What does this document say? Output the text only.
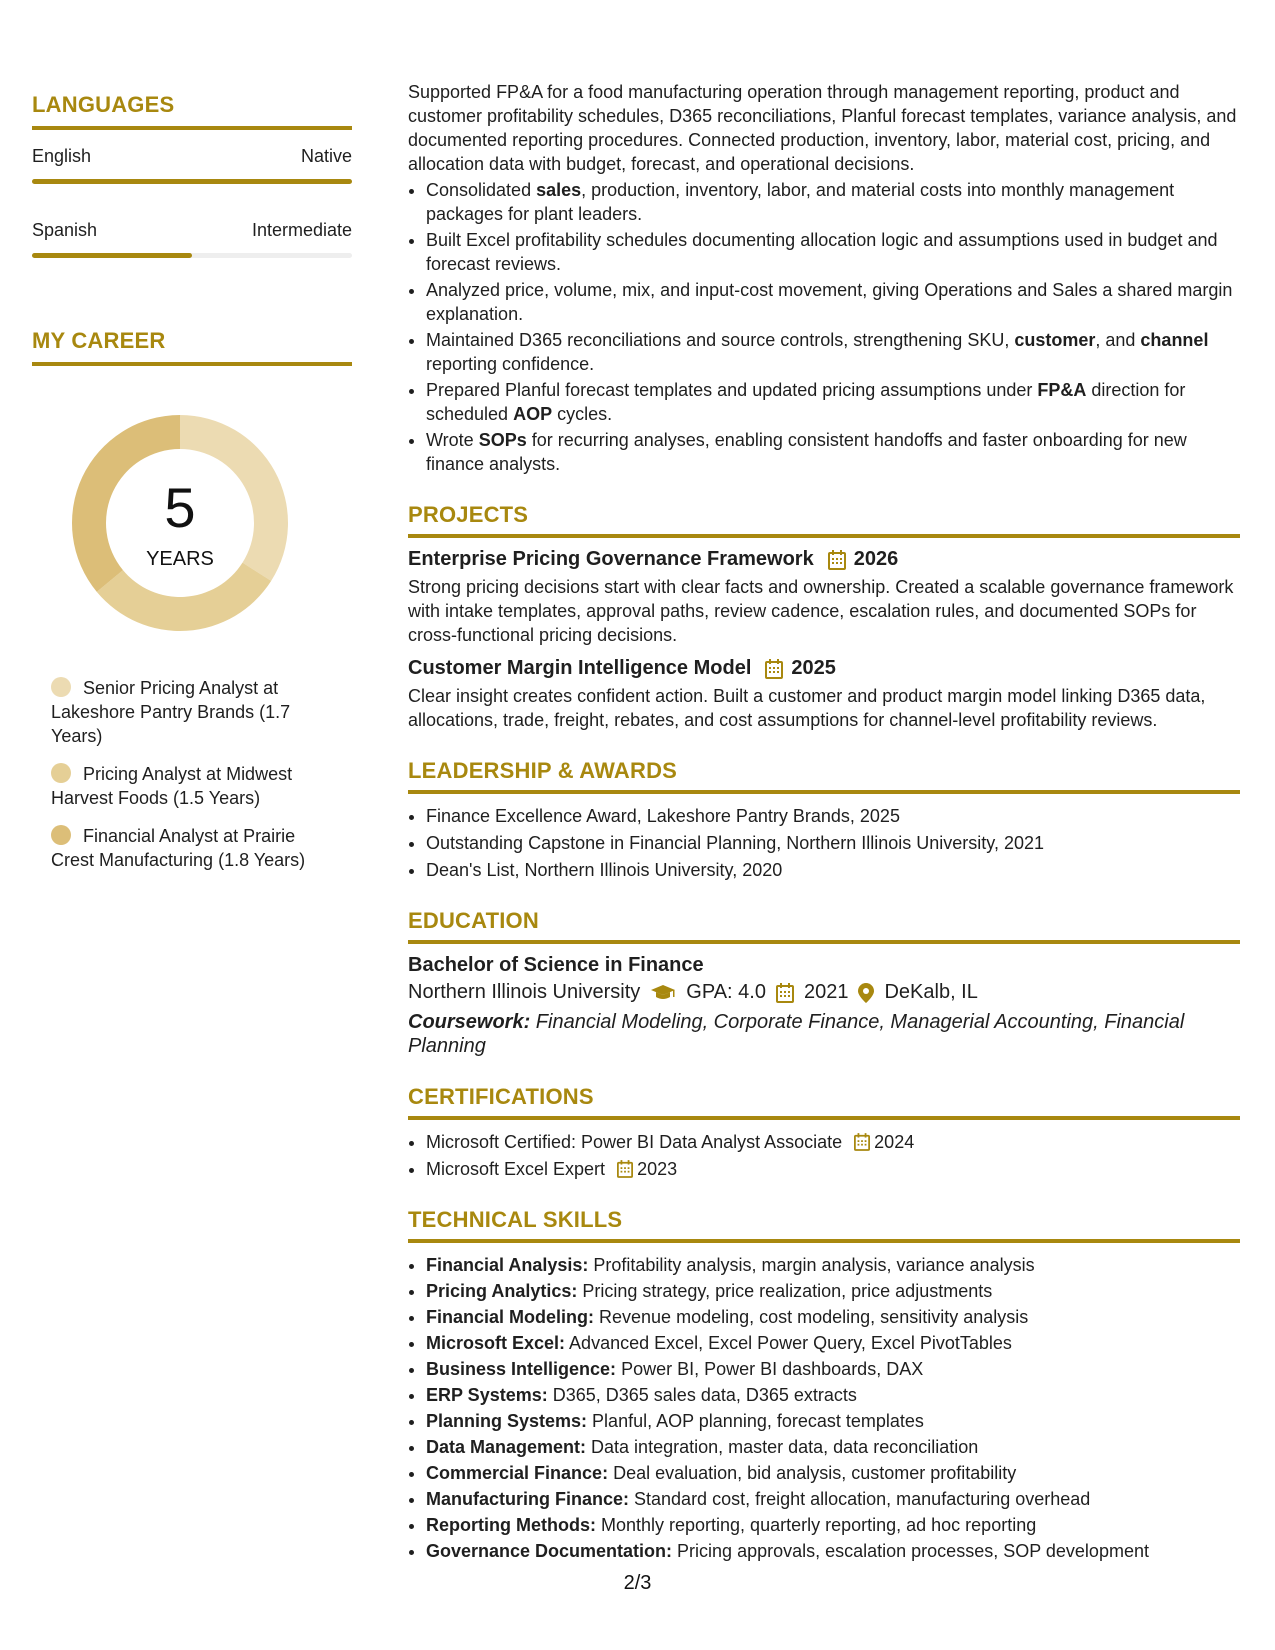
LANGUAGES
English	Native
Spanish	Intermediate
MY CAREER
5
YEARS
Senior Pricing Analyst at Lakeshore Pantry Brands (1.7 Years)
Pricing Analyst at Midwest Harvest Foods (1.5 Years)
Financial Analyst at Prairie Crest Manufacturing (1.8 Years)

Supported FP&A for a food manufacturing operation through management reporting, product and customer profitability schedules, D365 reconciliations, Planful forecast templates, variance analysis, and documented reporting procedures. Connected production, inventory, labor, material cost, pricing, and allocation data with budget, forecast, and operational decisions.

• Consolidated sales, production, inventory, labor, and material costs into monthly management packages for plant leaders.
• Built Excel profitability schedules documenting allocation logic and assumptions used in budget and forecast reviews.
• Analyzed price, volume, mix, and input-cost movement, giving Operations and Sales a shared margin explanation.
• Maintained D365 reconciliations and source controls, strengthening SKU, customer, and channel reporting confidence.
• Prepared Planful forecast templates and updated pricing assumptions under FP&A direction for scheduled AOP cycles.
• Wrote SOPs for recurring analyses, enabling consistent handoffs and faster onboarding for new finance analysts.
PROJECTS
Enterprise Pricing Governance Framework 2026

Strong pricing decisions start with clear facts and ownership. Created a scalable governance framework with intake templates, approval paths, review cadence, escalation rules, and documented SOPs for cross-functional pricing decisions.

Customer Margin Intelligence Model 2025

Clear insight creates confident action. Built a customer and product margin model linking D365 data, allocations, trade, freight, rebates, and cost assumptions for channel-level profitability reviews.

LEADERSHIP & AWARDS
• Finance Excellence Award, Lakeshore Pantry Brands, 2025
• Outstanding Capstone in Financial Planning, Northern Illinois University, 2021
• Dean's List, Northern Illinois University, 2020
EDUCATION
Bachelor of Science in Finance
Northern Illinois University GPA: 4.0 2021 DeKalb, IL
Coursework: Financial Modeling, Corporate Finance, Managerial Accounting, Financial Planning
CERTIFICATIONS
• Microsoft Certified: Power BI Data Analyst Associate 2024
• Microsoft Excel Expert 2023
TECHNICAL SKILLS
• Financial Analysis: Profitability analysis, margin analysis, variance analysis
• Pricing Analytics: Pricing strategy, price realization, price adjustments
• Financial Modeling: Revenue modeling, cost modeling, sensitivity analysis
• Microsoft Excel: Advanced Excel, Excel Power Query, Excel PivotTables
• Business Intelligence: Power BI, Power BI dashboards, DAX
• ERP Systems: D365, D365 sales data, D365 extracts
• Planning Systems: Planful, AOP planning, forecast templates
• Data Management: Data integration, master data, data reconciliation
• Commercial Finance: Deal evaluation, bid analysis, customer profitability
• Manufacturing Finance: Standard cost, freight allocation, manufacturing overhead
• Reporting Methods: Monthly reporting, quarterly reporting, ad hoc reporting
• Governance Documentation: Pricing approvals, escalation processes, SOP development
2/3
